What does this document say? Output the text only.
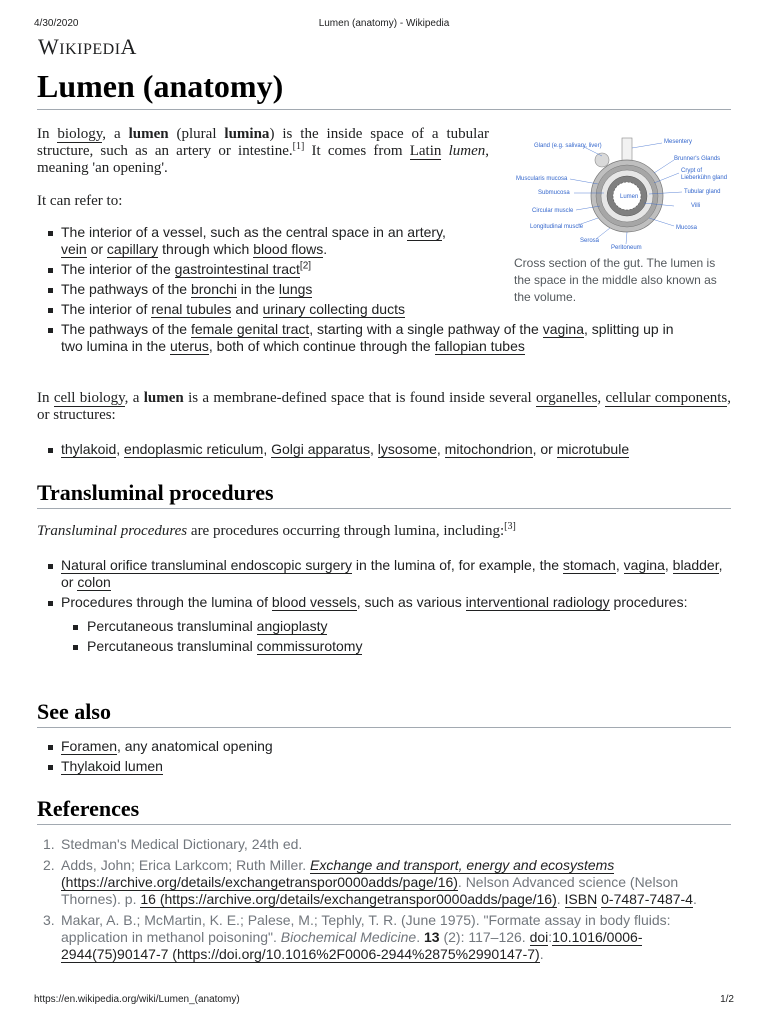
4/30/2020	Lumen (anatomy) - Wikipedia
WIKIPEDIA
Lumen (anatomy)
In biology, a lumen (plural lumina) is the inside space of a tubular structure, such as an artery or intestine.[1] It comes from Latin lumen, meaning 'an opening'.
It can refer to:
The interior of a vessel, such as the central space in an artery, vein or capillary through which blood flows.
The interior of the gastrointestinal tract[2]
The pathways of the bronchi in the lungs
The interior of renal tubules and urinary collecting ducts
The pathways of the female genital tract, starting with a single pathway of the vagina, splitting up in two lumina in the uterus, both of which continue through the fallopian tubes
Gland (e.g. salivary, liver)
Mesentery
Brunner's Glands
Crypt of
Lieberkühn gland
Muscularis mucosa
Submucosa
Lumen
Tubular gland
Villi
Circular muscle
Longitudinal muscle	Mucosa
Serosa
Peritoneum
Cross section of the gut. The lumen is the space in the middle also known as the volume.
In cell biology, a lumen is a membrane-defined space that is found inside several organelles, cellular components, or structures:
thylakoid, endoplasmic reticulum, Golgi apparatus, lysosome, mitochondrion, or microtubule
Transluminal procedures
Transluminal procedures are procedures occurring through lumina, including:[3]
Natural orifice transluminal endoscopic surgery in the lumina of, for example, the stomach, vagina, bladder, or colon
Procedures through the lumina of blood vessels, such as various interventional radiology procedures:
Percutaneous transluminal angioplasty
Percutaneous transluminal commissurotomy
See also
Foramen, any anatomical opening
Thylakoid lumen
References
1. Stedman's Medical Dictionary, 24th ed.
2. Adds, John; Erica Larkcom; Ruth Miller. Exchange and transport, energy and ecosystems (https://archive.org/details/exchangetranspor0000adds/page/16). Nelson Advanced science (Nelson Thornes). p. 16 (https://archive.org/details/exchangetranspor0000adds/page/16). ISBN 0-7487-7487-4.
3. Makar, A. B.; McMartin, K. E.; Palese, M.; Tephly, T. R. (June 1975). "Formate assay in body fluids: application in methanol poisoning". Biochemical Medicine. 13 (2): 117–126. doi:10.1016/0006-2944(75)90147-7 (https://doi.org/10.1016%2F0006-2944%2875%2990147-7).
https://en.wikipedia.org/wiki/Lumen_(anatomy)	1/2
